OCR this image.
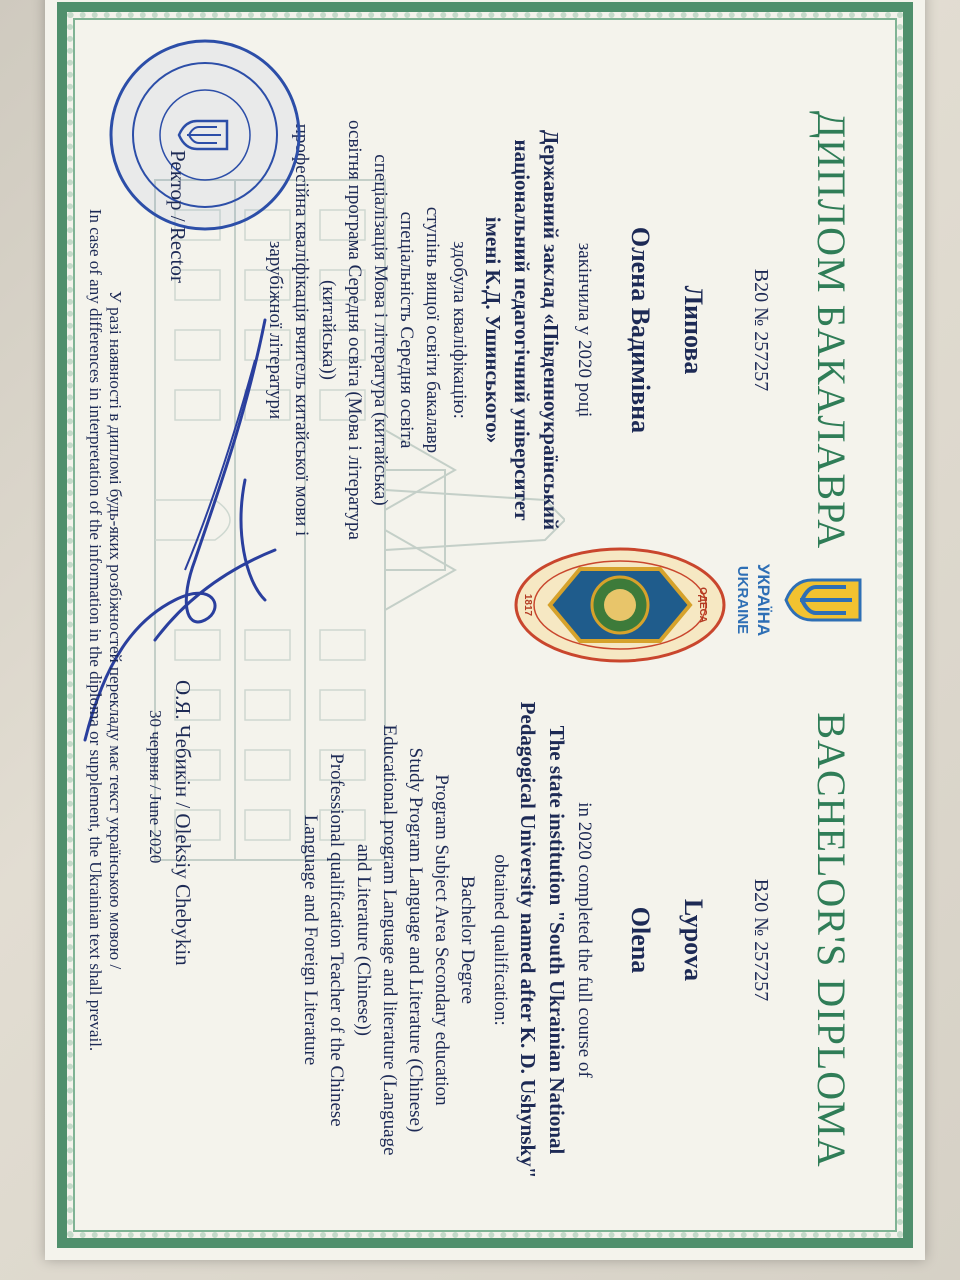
ДИПЛОМ БАКАЛАВРА
B20 № 257257
Липова
Олена Вадимівна
закінчила у 2020 році
Державний заклад «Південноукраїнський
національний педагогічний університет
імені К.Д. Ушинського»
здобула кваліфікацію:
ступінь вищої освіти бакалавр
спеціальність Середня освіта
спеціалізація Мова і література (китайська)
освітня програма Середня освіта (Мова і література
(китайська))
професійна кваліфікація вчитель китайської мови і
зарубіжної літератури
BACHELOR'S DIPLOMA
B20 № 257257
Lypova
Olena
in 2020 completed the full course of
The state institution "South Ukrainian National
Pedagogical University named after K. D. Ushynsky"
obtained qualification:
Bachelor Degree
Program Subject Area Secondary education
Study Program Language and Literature (Chinese)
Educational program Language and literature (Language
and Literature (Chinese))
Professional qualification Teacher of the Chinese
Language and Foreign Literature
УКРАЇНА
UKRAINE
ОДЕСА
1817
Ректор / Rector
О.Я. Чебикін / Oleksiy Chebykin
30 червня / June 2020
У разі наявності в дипломі будь-яких розбіжностей перекладу має текст українською мовою /
In case of any differences in interpretation of the information in the diploma or supplement, the Ukrainian text shall prevail.
